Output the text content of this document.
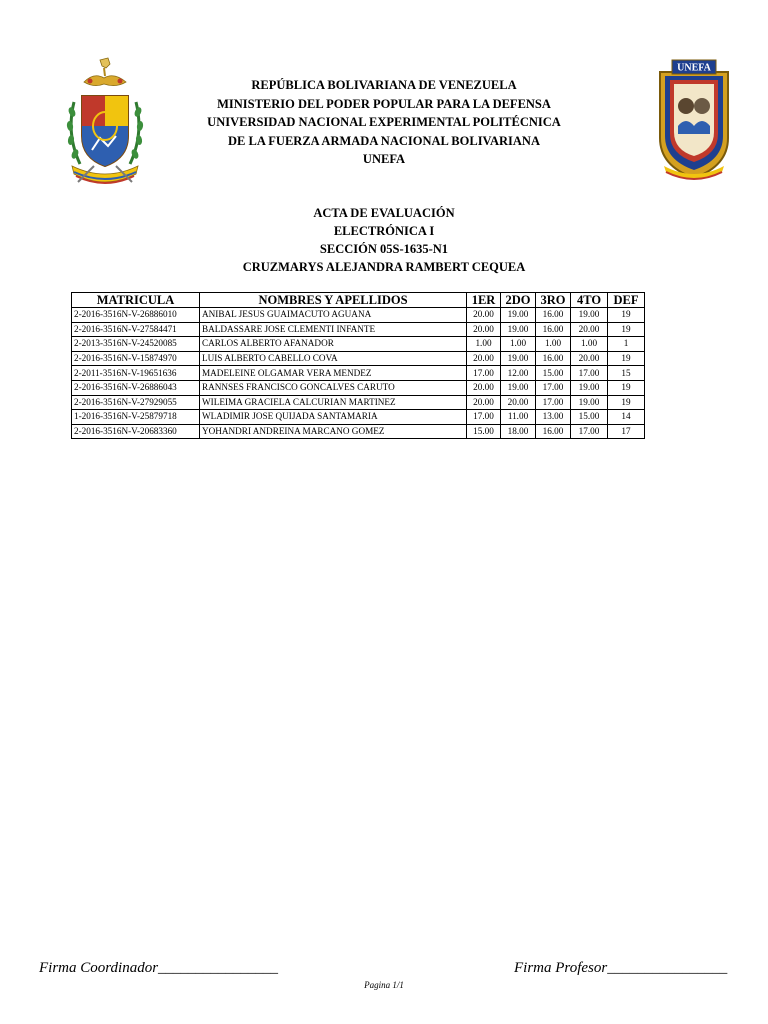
UNEFA
REPÚBLICA BOLIVARIANA DE VENEZUELA
MINISTERIO DEL PODER POPULAR PARA LA DEFENSA
UNIVERSIDAD NACIONAL EXPERIMENTAL POLITÉCNICA
DE LA FUERZA ARMADA NACIONAL BOLIVARIANA
UNEFA
ACTA DE EVALUACIÓN
ELECTRÓNICA I
SECCIÓN 05S-1635-N1
CRUZMARYS ALEJANDRA RAMBERT CEQUEA
MATRICULA	NOMBRES Y APELLIDOS	1ER	2DO	3RO	4TO	DEF
2-2016-3516N-V-26886010	ANIBAL JESUS GUAIMACUTO AGUANA	20.00	19.00	16.00	19.00	19
2-2016-3516N-V-27584471	BALDASSARE JOSE CLEMENTI INFANTE	20.00	19.00	16.00	20.00	19
2-2013-3516N-V-24520085	CARLOS ALBERTO AFANADOR	1.00	1.00	1.00	1.00	1
2-2016-3516N-V-15874970	LUIS ALBERTO CABELLO COVA	20.00	19.00	16.00	20.00	19
2-2011-3516N-V-19651636	MADELEINE OLGAMAR VERA MENDEZ	17.00	12.00	15.00	17.00	15
2-2016-3516N-V-26886043	RANNSES FRANCISCO GONCALVES CARUTO	20.00	19.00	17.00	19.00	19
2-2016-3516N-V-27929055	WILEIMA GRACIELA CALCURIAN MARTINEZ	20.00	20.00	17.00	19.00	19
1-2016-3516N-V-25879718	WLADIMIR JOSE QUIJADA SANTAMARIA	17.00	11.00	13.00	15.00	14
2-2016-3516N-V-20683360	YOHANDRI ANDREINA MARCANO GOMEZ	15.00	18.00	16.00	17.00	17
Firma Coordinador________________	Firma Profesor________________
Pagina 1/1
